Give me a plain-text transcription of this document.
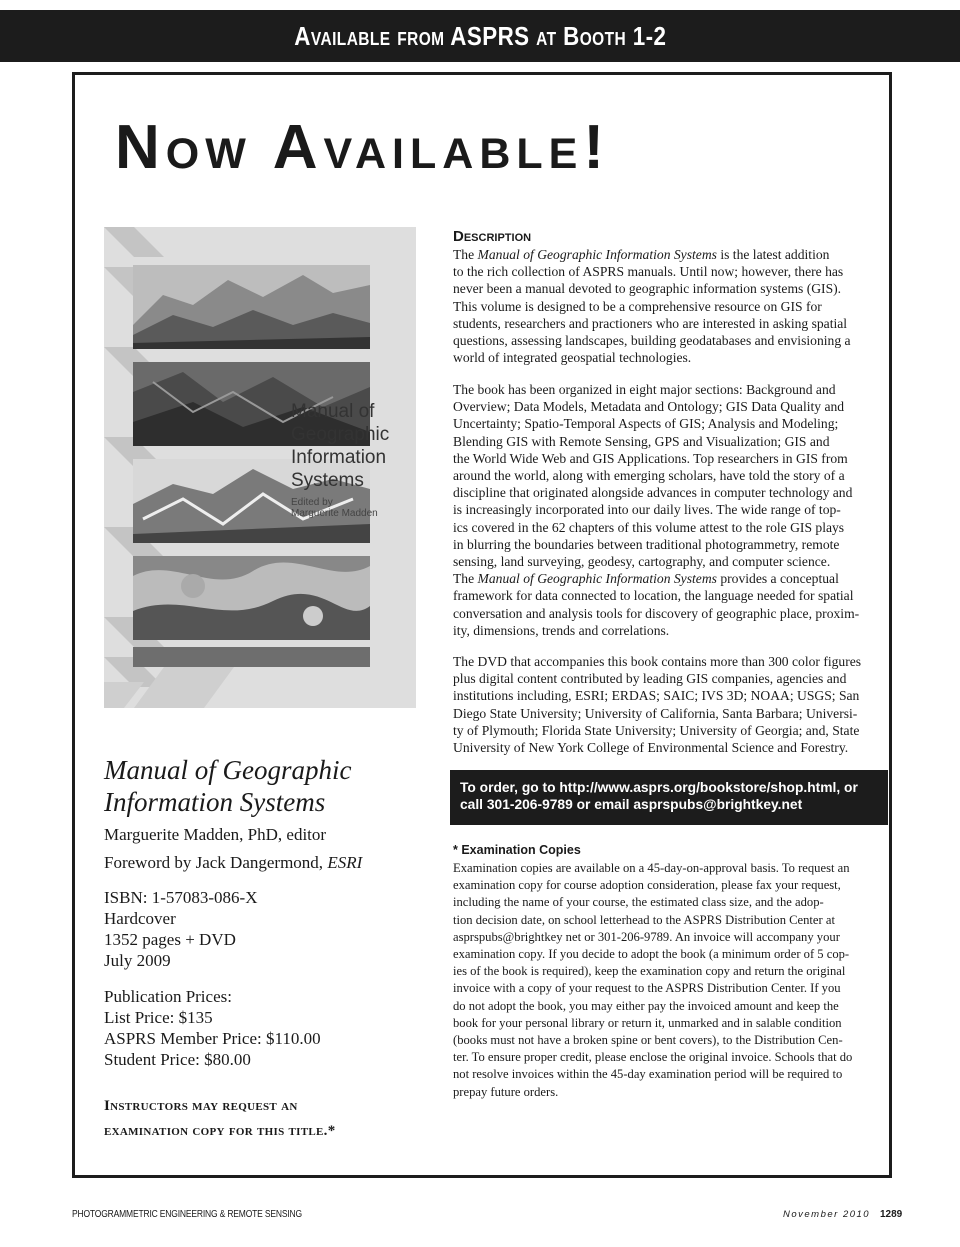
Available from ASPRS at Booth 1-2
Now Available!
Manual of
Geographic
Information
Systems
Edited by
Marguerite Madden
Manual of Geographic
Information Systems
Marguerite Madden, PhD, editor
Foreword by Jack Dangermond, ESRI
ISBN: 1-57083-086-X
Hardcover
1352 pages + DVD
July 2009
Publication Prices:
List Price: $135
ASPRS Member Price: $110.00
Student Price: $80.00
Instructors may request an
examination copy for this title.*
Description
The Manual of Geographic Information Systems is the latest addition
to the rich collection of ASPRS manuals. Until now; however, there has
never been a manual devoted to geographic information systems (GIS).
This volume is designed to be a comprehensive resource on GIS for
students, researchers and practioners who are interested in asking spatial
questions, assessing landscapes, building geodatabases and envisioning a
world of integrated geospatial technologies.
The book has been organized in eight major sections: Background and
Overview; Data Models, Metadata and Ontology; GIS Data Quality and
Uncertainty; Spatio-Temporal Aspects of GIS; Analysis and Modeling;
Blending GIS with Remote Sensing, GPS and Visualization; GIS and
the World Wide Web and GIS Applications. Top researchers in GIS from
around the world, along with emerging scholars, have told the story of a
discipline that originated alongside advances in computer technology and
is increasingly incorporated into our daily lives. The wide range of top-
ics covered in the 62 chapters of this volume attest to the role GIS plays
in blurring the boundaries between traditional photogrammetry, remote
sensing, land surveying, geodesy, cartography, and computer science.
The Manual of Geographic Information Systems provides a conceptual
framework for data connected to location, the language needed for spatial
conversation and analysis tools for discovery of geographic place, proxim-
ity, dimensions, trends and correlations.
The DVD that accompanies this book contains more than 300 color figures
plus digital content contributed by leading GIS companies, agencies and
institutions including, ESRI; ERDAS; SAIC; IVS 3D; NOAA; USGS; San
Diego State University; University of California, Santa Barbara; Universi-
ty of Plymouth; Florida State University; University of Georgia; and, State
University of New York College of Environmental Science and Forestry.
To order, go to http://www.asprs.org/bookstore/shop.html, or
call 301-206-9789 or email asprspubs@brightkey.net
* Examination Copies
Examination copies are available on a 45-day-on-approval basis. To request an
examination copy for course adoption consideration, please fax your request,
including the name of your course, the estimated class size, and the adop-
tion decision date, on school letterhead to the ASPRS Distribution Center at
asprspubs@brightkey net or 301-206-9789. An invoice will accompany your
examination copy. If you decide to adopt the book (a minimum order of 5 cop-
ies of the book is required), keep the examination copy and return the original
invoice with a copy of your request to the ASPRS Distribution Center. If you
do not adopt the book, you may either pay the invoiced amount and keep the
book for your personal library or return it, unmarked and in salable condition
(books must not have a broken spine or bent covers), to the Distribution Cen-
ter. To ensure proper credit, please enclose the original invoice. Schools that do
not resolve invoices within the 45-day examination period will be required to
prepay future orders.
PHOTOGRAMMETRIC ENGINEERING & REMOTE SENSING	November 2010 1289
